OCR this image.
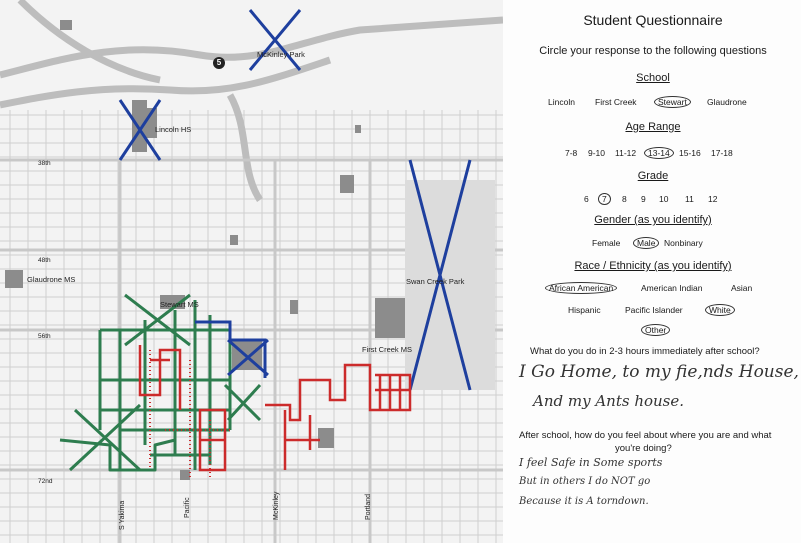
5
McKinley Park
Lincoln HS
Glaudrone MS
Stewart MS
First Creek MS
Swan Creek Park
38th
48th
56th
72nd
S Yakima	Pacific	McKinley	Portland
Student Questionnaire
Circle your response to the following questions
School
Lincoln First Creek	Stewart	Glaudrone
Age Range
7-8 9-10 11-12	13-14	15-16 17-18
Grade
6	7	8 9 10 11 12
Gender (as you identify)
Female	Male	Nonbinary
Race / Ethnicity (as you identify)
African American	American Indian	Asian
Hispanic	Pacific Islander	White
Other
What do you do in 2-3 hours immediately after school?
I Go Home, to my fie,nds House,
And my Ants house.
After school, how do you feel about where you are and what
you're doing?
I feel Safe in Some sports
But in others I do NOT go
Because it is A torndown.
